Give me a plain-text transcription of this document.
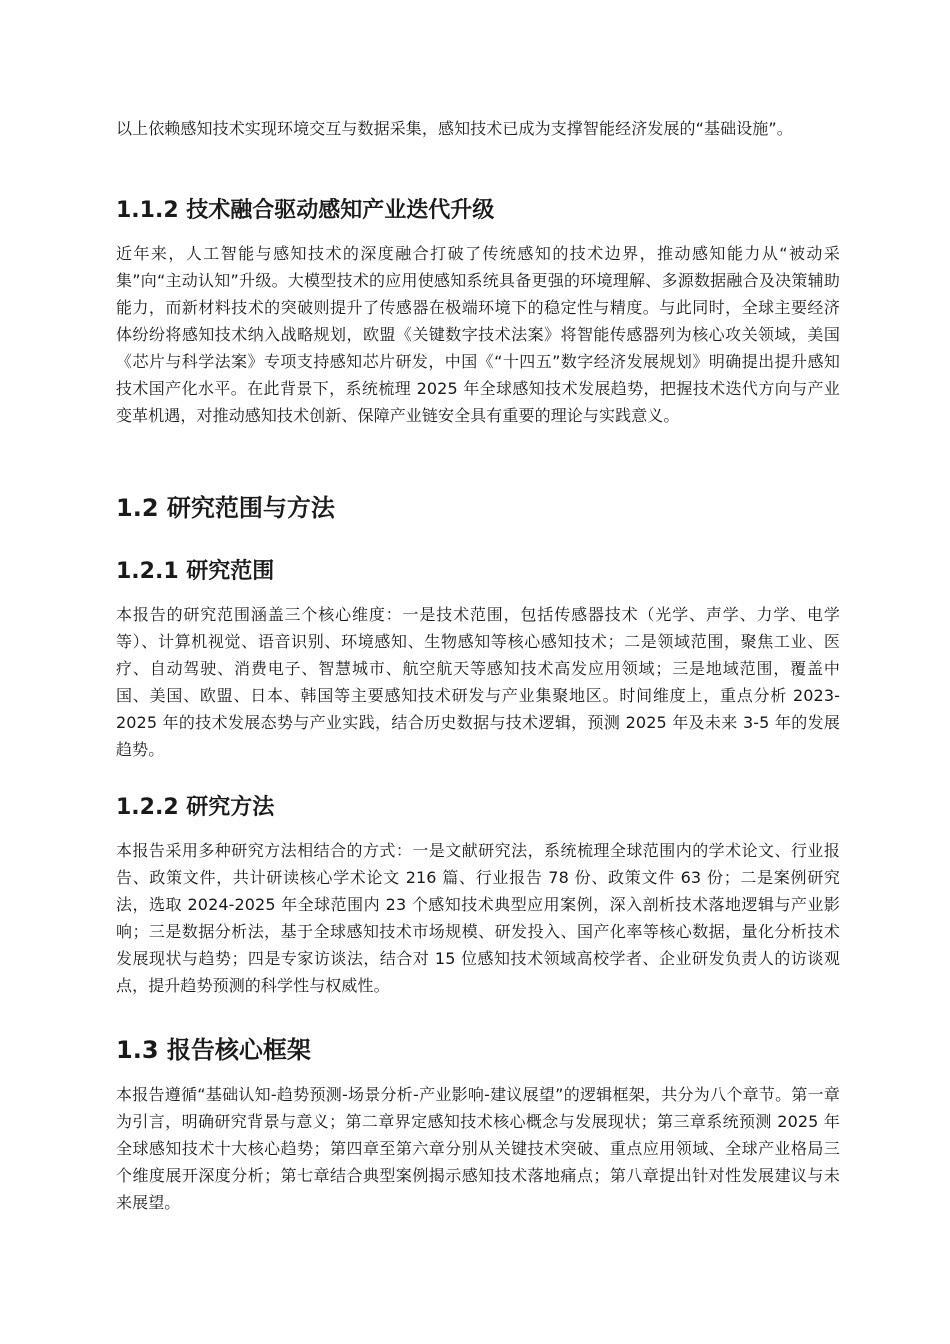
以上依赖感知技术实现环境交互与数据采集，感知技术已成为支撑智能经济发展的“基础设施”。

1.1.2 技术融合驱动感知产业迭代升级

近年来，人工智能与感知技术的深度融合打破了传统感知的技术边界，推动感知能力从“被动采集”向“主动认知”升级。大模型技术的应用使感知系统具备更强的环境理解、多源数据融合及决策辅助能力，而新材料技术的突破则提升了传感器在极端环境下的稳定性与精度。与此同时，全球主要经济体纷纷将感知技术纳入战略规划，欧盟《关键数字技术法案》将智能传感器列为核心攻关领域，美国《芯片与科学法案》专项支持感知芯片研发，中国《“十四五”数字经济发展规划》明确提出提升感知技术国产化水平。在此背景下，系统梳理 2025 年全球感知技术发展趋势，把握技术迭代方向与产业变革机遇，对推动感知技术创新、保障产业链安全具有重要的理论与实践意义。

1.2 研究范围与方法
1.2.1 研究范围

本报告的研究范围涵盖三个核心维度：一是技术范围，包括传感器技术（光学、声学、力学、电学等）、计算机视觉、语音识别、环境感知、生物感知等核心感知技术；二是领域范围，聚焦工业、医疗、自动驾驶、消费电子、智慧城市、航空航天等感知技术高发应用领域；三是地域范围，覆盖中国、美国、欧盟、日本、韩国等主要感知技术研发与产业集聚地区。时间维度上，重点分析 2023-2025 年的技术发展态势与产业实践，结合历史数据与技术逻辑，预测 2025 年及未来 3-5 年的发展趋势。

1.2.2 研究方法

本报告采用多种研究方法相结合的方式：一是文献研究法，系统梳理全球范围内的学术论文、行业报告、政策文件，共计研读核心学术论文 216 篇、行业报告 78 份、政策文件 63 份；二是案例研究法，选取 2024-2025 年全球范围内 23 个感知技术典型应用案例，深入剖析技术落地逻辑与产业影响；三是数据分析法，基于全球感知技术市场规模、研发投入、国产化率等核心数据，量化分析技术发展现状与趋势；四是专家访谈法，结合对 15 位感知技术领域高校学者、企业研发负责人的访谈观点，提升趋势预测的科学性与权威性。

1.3 报告核心框架

本报告遵循“基础认知-趋势预测-场景分析-产业影响-建议展望”的逻辑框架，共分为八个章节。第一章为引言，明确研究背景与意义；第二章界定感知技术核心概念与发展现状；第三章系统预测 2025 年全球感知技术十大核心趋势；第四章至第六章分别从关键技术突破、重点应用领域、全球产业格局三个维度展开深度分析；第七章结合典型案例揭示感知技术落地痛点；第八章提出针对性发展建议与未来展望。
